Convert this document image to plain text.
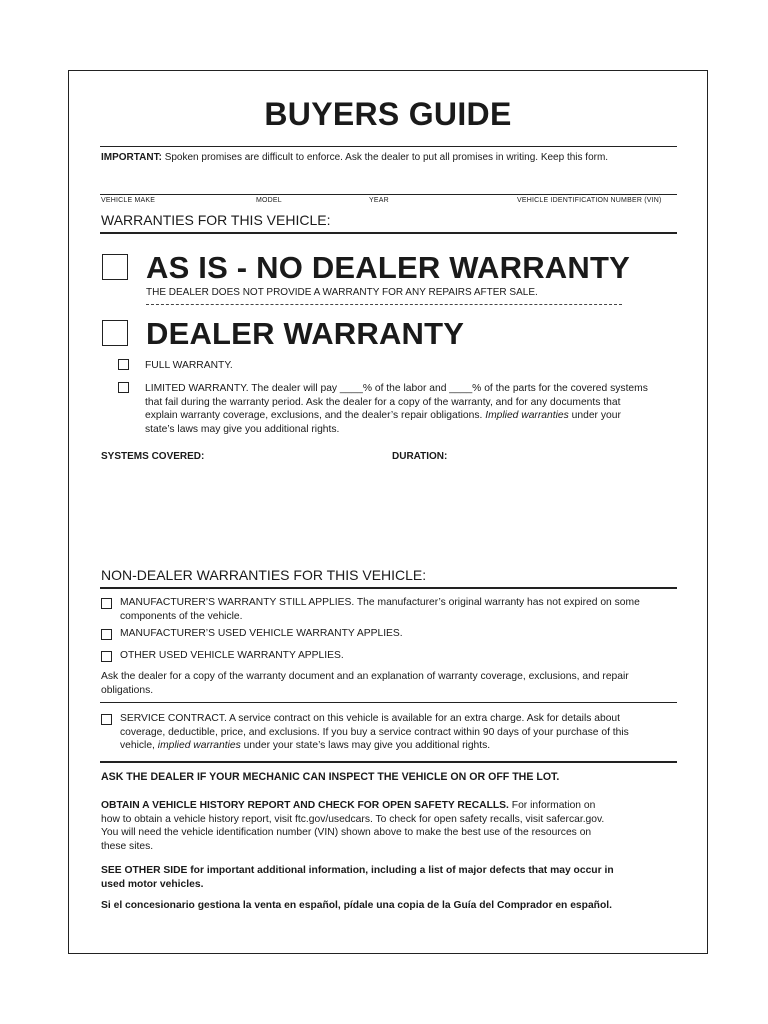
BUYERS GUIDE
IMPORTANT: Spoken promises are difficult to enforce. Ask the dealer to put all promises in writing. Keep this form.
VEHICLE MAKE	MODEL	YEAR	VEHICLE IDENTIFICATION NUMBER (VIN)
WARRANTIES FOR THIS VEHICLE:
AS IS - NO DEALER WARRANTY
THE DEALER DOES NOT PROVIDE A WARRANTY FOR ANY REPAIRS AFTER SALE.
DEALER WARRANTY
FULL WARRANTY.
LIMITED WARRANTY. The dealer will pay ____% of the labor and ____% of the parts for the covered systems
that fail during the warranty period. Ask the dealer for a copy of the warranty, and for any documents that
explain warranty coverage, exclusions, and the dealer’s repair obligations. Implied warranties under your
state’s laws may give you additional rights.
SYSTEMS COVERED:	DURATION:
NON-DEALER WARRANTIES FOR THIS VEHICLE:
MANUFACTURER’S WARRANTY STILL APPLIES. The manufacturer’s original warranty has not expired on some
components of the vehicle.
MANUFACTURER’S USED VEHICLE WARRANTY APPLIES.
OTHER USED VEHICLE WARRANTY APPLIES.
Ask the dealer for a copy of the warranty document and an explanation of warranty coverage, exclusions, and repair
obligations.
SERVICE CONTRACT. A service contract on this vehicle is available for an extra charge. Ask for details about
coverage, deductible, price, and exclusions. If you buy a service contract within 90 days of your purchase of this
vehicle, implied warranties under your state’s laws may give you additional rights.
ASK THE DEALER IF YOUR MECHANIC CAN INSPECT THE VEHICLE ON OR OFF THE LOT.
OBTAIN A VEHICLE HISTORY REPORT AND CHECK FOR OPEN SAFETY RECALLS. For information on
how to obtain a vehicle history report, visit ftc.gov/usedcars. To check for open safety recalls, visit safercar.gov.
You will need the vehicle identification number (VIN) shown above to make the best use of the resources on
these sites.
SEE OTHER SIDE for important additional information, including a list of major defects that may occur in
used motor vehicles.
Si el concesionario gestiona la venta en español, pídale una copia de la Guía del Comprador en español.
